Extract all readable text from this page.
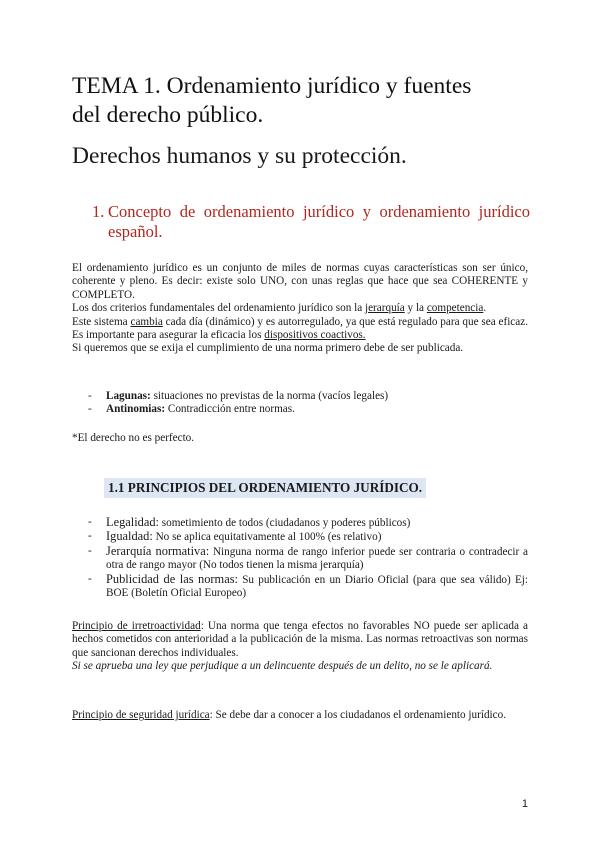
TEMA 1. Ordenamiento jurídico y fuentes
del derecho público.
Derechos humanos y su protección.
1. Concepto de ordenamiento jurídico y ordenamiento jurídico español.

El ordenamiento jurídico es un conjunto de miles de normas cuyas características son ser único, coherente y pleno. Es decir: existe solo UNO, con unas reglas que hace que sea COHERENTE y COMPLETO.

Los dos criterios fundamentales del ordenamiento jurídico son la jerarquía y la competencia.

Este sistema cambia cada día (dinámico) y es autorregulado, ya que está regulado para que sea eficaz. Es importante para asegurar la eficacia los dispositivos coactivos.

Si queremos que se exija el cumplimiento de una norma primero debe de ser publicada.

- Lagunas: situaciones no previstas de la norma (vacíos legales)
- Antinomias: Contradicción entre normas.
*El derecho no es perfecto.
1.1 PRINCIPIOS DEL ORDENAMIENTO JURÍDICO.
- Legalidad: sometimiento de todos (ciudadanos y poderes públicos)
- Igualdad: No se aplica equitativamente al 100% (es relativo)
- Jerarquía normativa: Ninguna norma de rango inferior puede ser contraria o contradecir a otra de rango mayor (No todos tienen la misma jerarquía)
- Publicidad de las normas: Su publicación en un Diario Oficial (para que sea válido) Ej: BOE (Boletín Oficial Europeo)

Principio de irretroactividad: Una norma que tenga efectos no favorables NO puede ser aplicada a hechos cometidos con anterioridad a la publicación de la misma. Las normas retroactivas son normas que sancionan derechos individuales.

Si se aprueba una ley que perjudique a un delincuente después de un delito, no se le aplicará.

Principio de seguridad jurídica: Se debe dar a conocer a los ciudadanos el ordenamiento jurídico.

1
